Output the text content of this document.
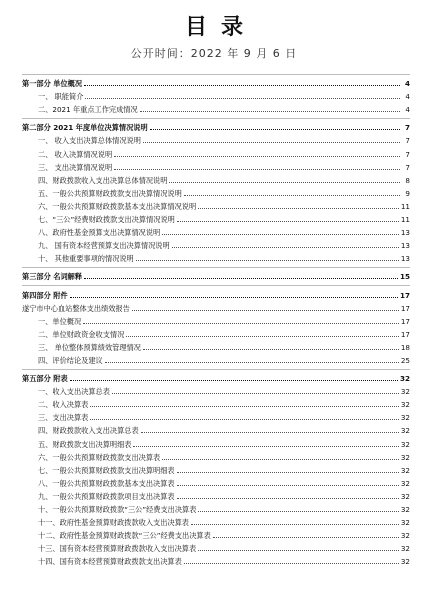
目录
公开时间：2022 年 9 月 6 日
第一部分 单位概况	4
一、 职能简介	4
二、2021 年重点工作完成情况	4
第二部分 2021 年度单位决算情况说明	7
一、 收入支出决算总体情况说明	7
二、 收入决算情况说明	7
三、 支出决算情况说明	7
四、财政拨款收入支出决算总体情况说明	8
五、一般公共预算财政拨款支出决算情况说明	9
六、一般公共预算财政拨款基本支出决算情况说明	11
七、“三公”经费财政拨款支出决算情况说明	11
八、政府性基金预算支出决算情况说明	13
九、 国有资本经营预算支出决算情况说明	13
十、 其他重要事项的情况说明	13
第三部分 名词解释	15
第四部分 附件	17
遂宁市中心血站整体支出绩效报告	17
一、单位概况	17
二、单位财政资金收支情况	17
三、 单位整体预算绩效管理情况	18
四、评价结论及建议	25
第五部分 附表	32
一、收入支出决算总表	32
二、收入决算表	32
三、支出决算表	32
四、财政拨款收入支出决算总表	32
五、财政拨款支出决算明细表	32
六、一般公共预算财政拨款支出决算表	32
七、一般公共预算财政拨款支出决算明细表	32
八、一般公共预算财政拨款基本支出决算表	32
九、一般公共预算财政拨款项目支出决算表	32
十、一般公共预算财政拨款“三公”经费支出决算表	32
十一、政府性基金预算财政拨款收入支出决算表	32
十二、政府性基金预算财政拨款“三公”经费支出决算表	32
十三、国有资本经营预算财政拨款收入支出决算表	32
十四、国有资本经营预算财政拨款支出决算表	32
